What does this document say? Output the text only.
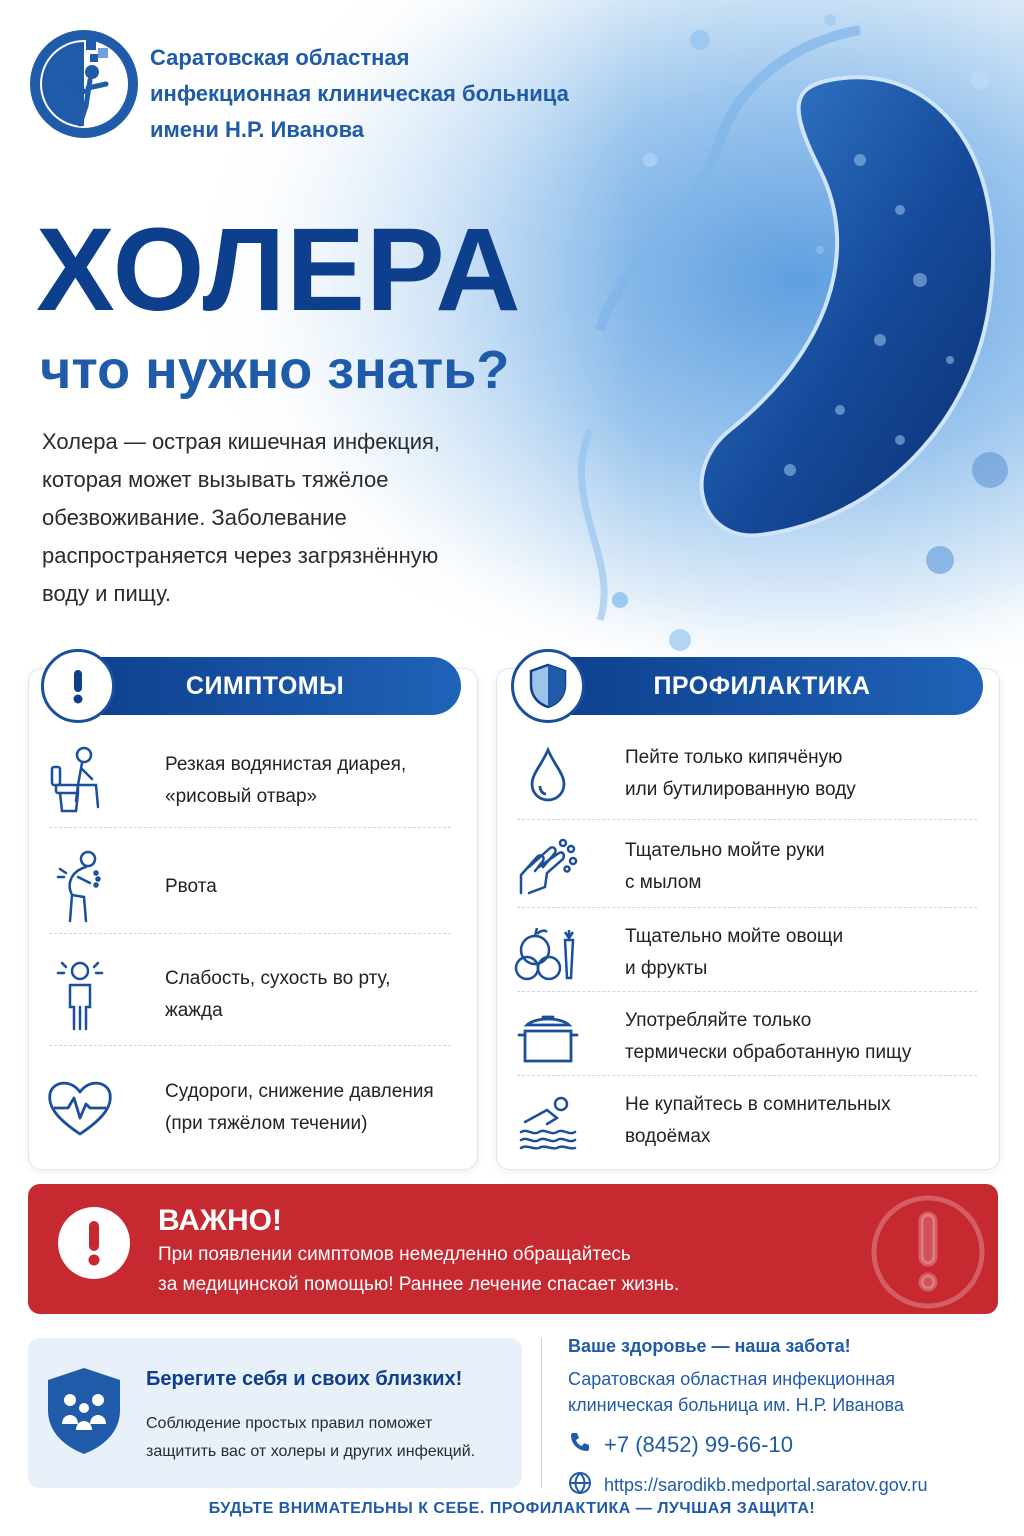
Саратовская областная
инфекционная клиническая больница
имени Н.Р. Иванова
ХОЛЕРА
что нужно знать?
Холера — острая кишечная инфекция,
которая может вызывать тяжёлое
обезвоживание. Заболевание
распространяется через загрязнённую
воду и пищу.
СИМПТОМЫ
Резкая водянистая диарея,
«рисовый отвар»
Рвота
Слабость, сухость во рту,
жажда
Судороги, снижение давления
(при тяжёлом течении)
ПРОФИЛАКТИКА
Пейте только кипячёную
или бутилированную воду
Тщательно мойте руки
с мылом
Тщательно мойте овощи
и фрукты
Употребляйте только
термически обработанную пищу
Не купайтесь в сомнительных
водоёмах
ВАЖНО!
При появлении симптомов немедленно обращайтесь
за медицинской помощью! Раннее лечение спасает жизнь.
Берегите себя и своих близких!
Соблюдение простых правил поможет
защитить вас от холеры и других инфекций.
Ваше здоровье — наша забота!
Саратовская областная инфекционная
клиническая больница им. Н.Р. Иванова
+7 (8452) 99-66-10
https://sarodikb.medportal.saratov.gov.ru
БУДЬТЕ ВНИМАТЕЛЬНЫ К СЕБЕ. ПРОФИЛАКТИКА — ЛУЧШАЯ ЗАЩИТА!
